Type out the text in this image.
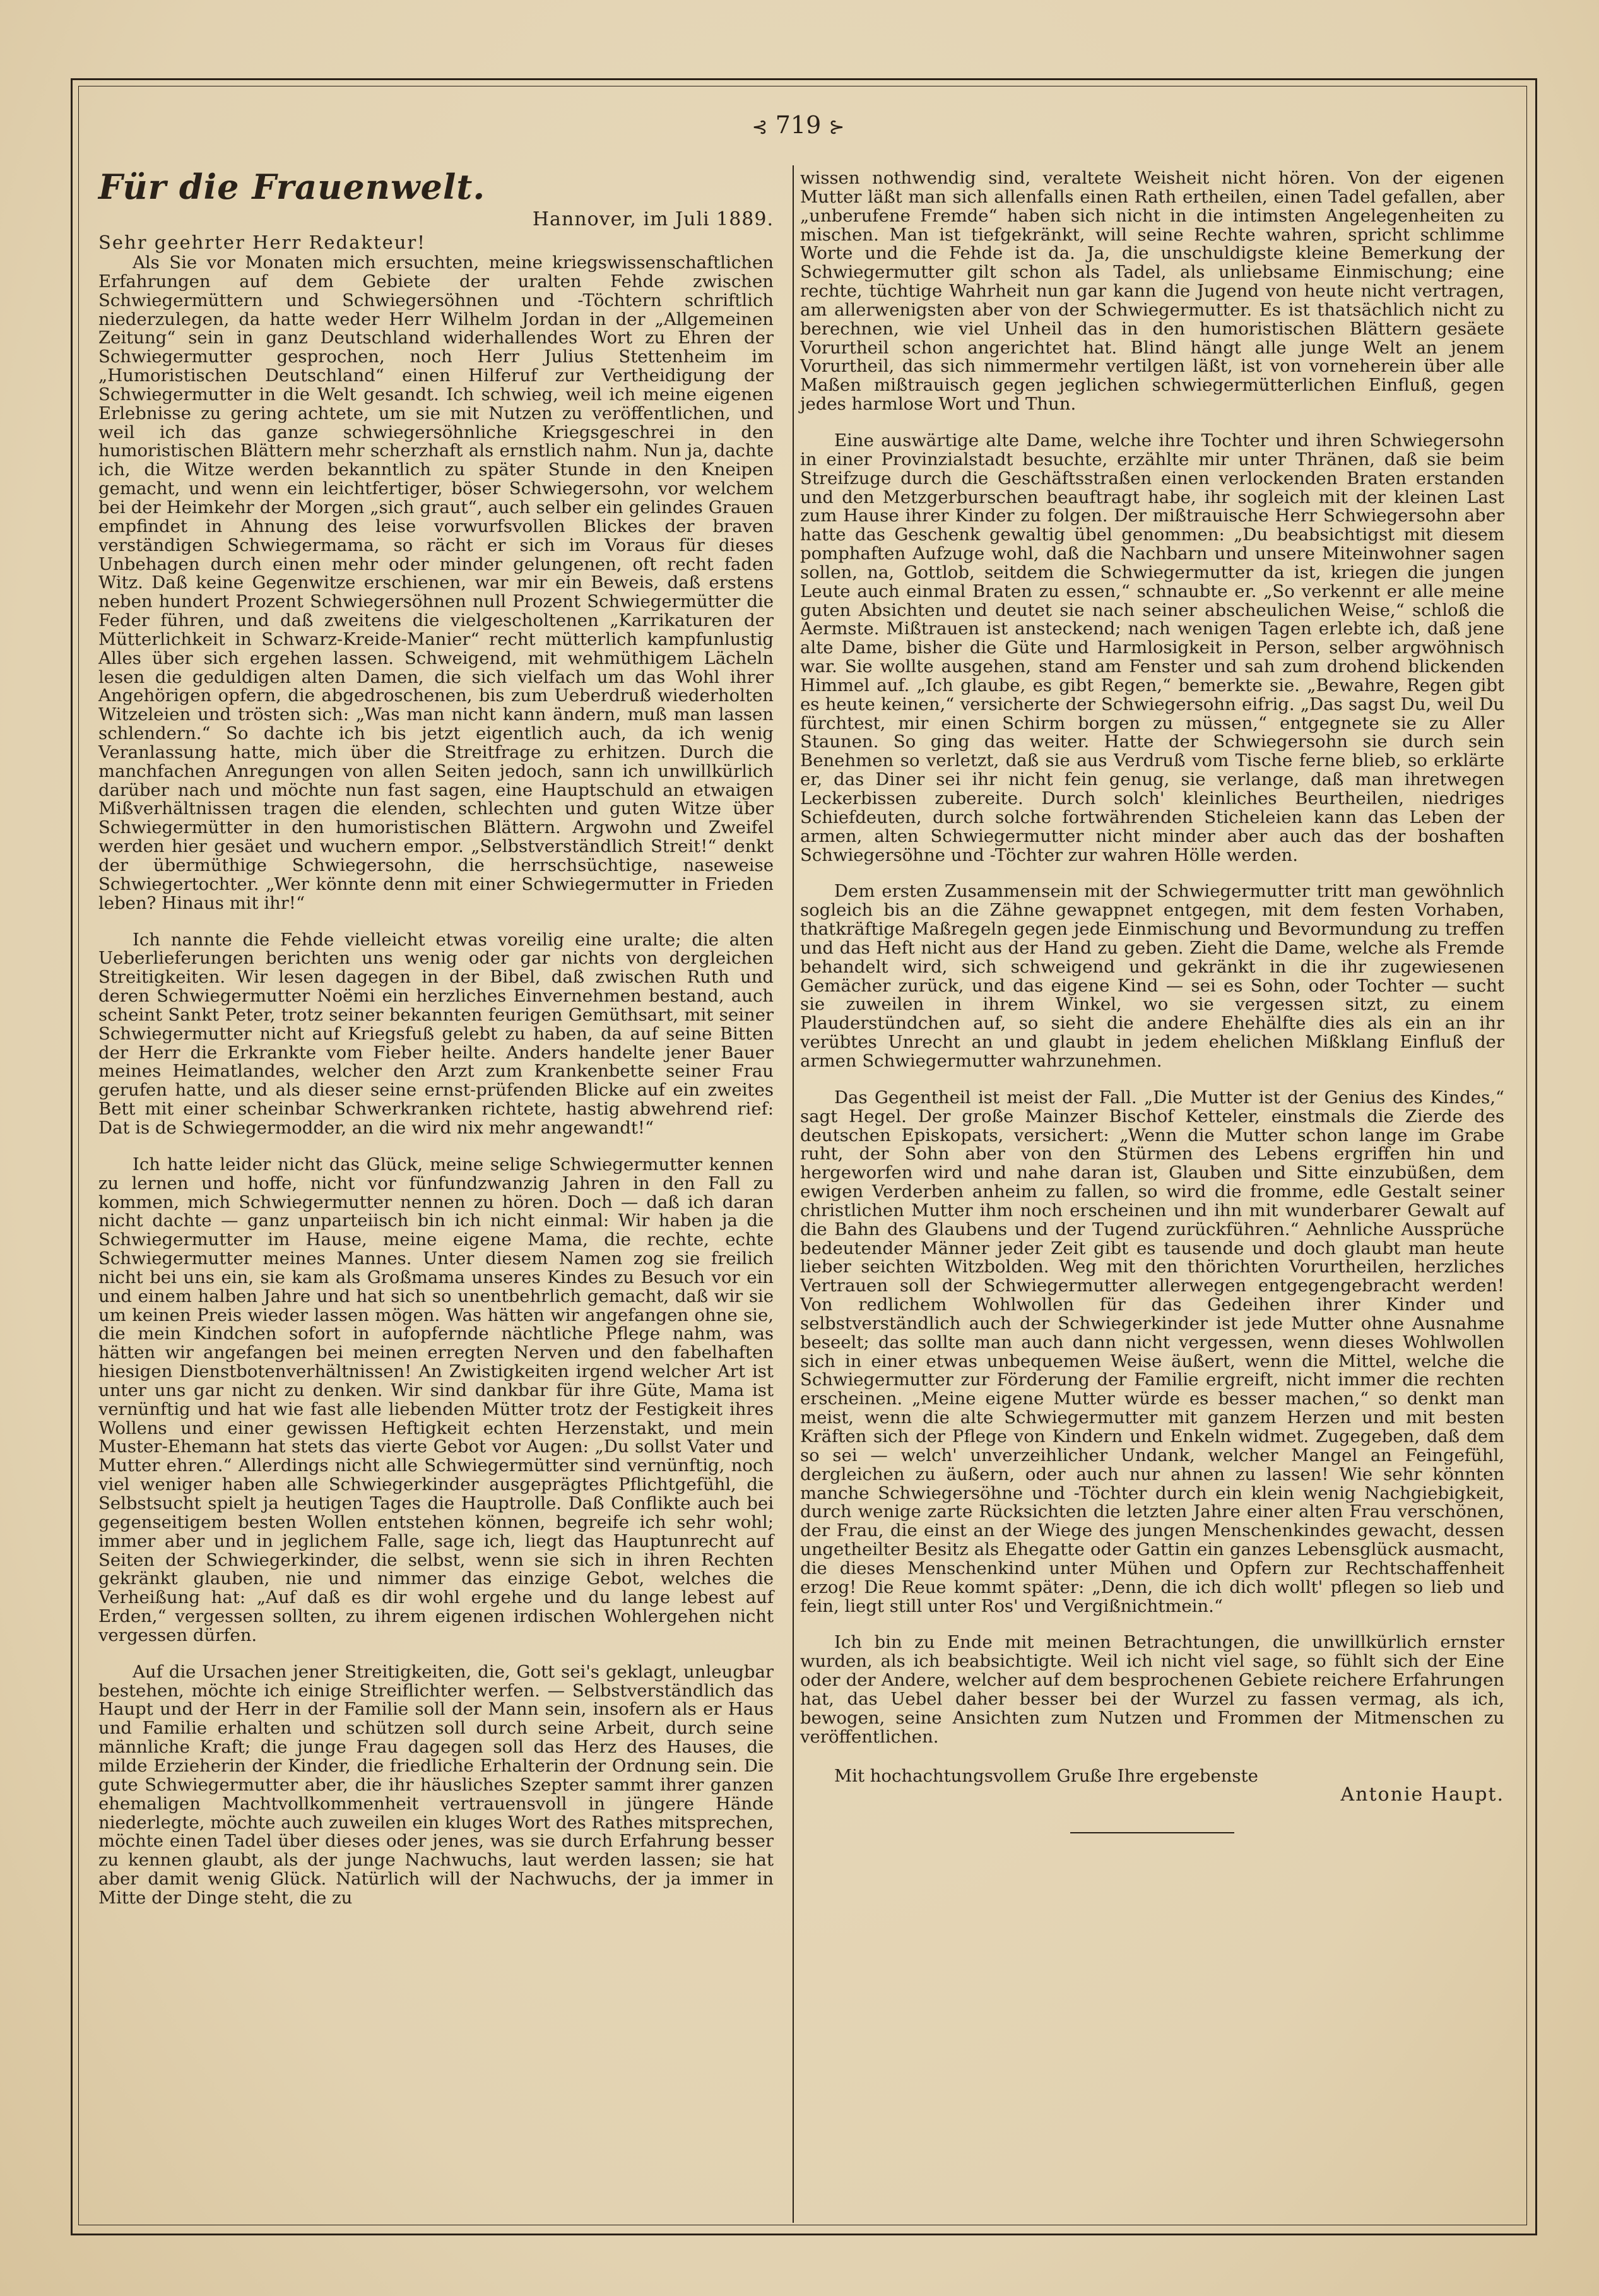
⊰ 719 ⊱

Für die Frauenwelt.

Hannover, im Juli 1889.

Sehr geehrter Herr Redakteur!

Als Sie vor Monaten mich ersuchten, meine kriegswissenschaftlichen Erfahrungen auf dem Gebiete der uralten Fehde zwischen Schwiegermüttern und Schwiegersöhnen und -Töchtern schriftlich niederzulegen, da hatte weder Herr Wilhelm Jordan in der „Allgemeinen Zeitung“ sein in ganz Deutschland widerhallendes Wort zu Ehren der Schwiegermutter gesprochen, noch Herr Julius Stettenheim im „Humoristischen Deutschland“ einen Hilferuf zur Vertheidigung der Schwiegermutter in die Welt gesandt. Ich schwieg, weil ich meine eigenen Erlebnisse zu gering achtete, um sie mit Nutzen zu veröffentlichen, und weil ich das ganze schwiegersöhnliche Kriegsgeschrei in den humoristischen Blättern mehr scherzhaft als ernstlich nahm. Nun ja, dachte ich, die Witze werden bekanntlich zu später Stunde in den Kneipen gemacht, und wenn ein leichtfertiger, böser Schwiegersohn, vor welchem bei der Heimkehr der Morgen „sich graut“, auch selber ein gelindes Grauen empfindet in Ahnung des leise vorwurfsvollen Blickes der braven verständigen Schwiegermama, so rächt er sich im Voraus für dieses Unbehagen durch einen mehr oder minder gelungenen, oft recht faden Witz. Daß keine Gegenwitze erschienen, war mir ein Beweis, daß erstens neben hundert Prozent Schwiegersöhnen null Prozent Schwiegermütter die Feder führen, und daß zweitens die vielgescholtenen „Karrikaturen der Mütterlichkeit in Schwarz-Kreide-Manier“ recht mütterlich kampfunlustig Alles über sich ergehen lassen. Schweigend, mit wehmüthigem Lächeln lesen die geduldigen alten Damen, die sich vielfach um das Wohl ihrer Angehörigen opfern, die abgedroschenen, bis zum Ueberdruß wiederholten Witzeleien und trösten sich: „Was man nicht kann ändern, muß man lassen schlendern.“ So dachte ich bis jetzt eigentlich auch, da ich wenig Veranlassung hatte, mich über die Streitfrage zu erhitzen. Durch die manchfachen Anregungen von allen Seiten jedoch, sann ich unwillkürlich darüber nach und möchte nun fast sagen, eine Hauptschuld an etwaigen Mißverhältnissen tragen die elenden, schlechten und guten Witze über Schwiegermütter in den humoristischen Blättern. Argwohn und Zweifel werden hier gesäet und wuchern empor. „Selbstverständlich Streit!“ denkt der übermüthige Schwiegersohn, die herrschsüchtige, naseweise Schwiegertochter. „Wer könnte denn mit einer Schwiegermutter in Frieden leben? Hinaus mit ihr!“

Ich nannte die Fehde vielleicht etwas voreilig eine uralte; die alten Ueberlieferungen berichten uns wenig oder gar nichts von dergleichen Streitigkeiten. Wir lesen dagegen in der Bibel, daß zwischen Ruth und deren Schwiegermutter Noëmi ein herzliches Einvernehmen bestand, auch scheint Sankt Peter, trotz seiner bekannten feurigen Gemüthsart, mit seiner Schwiegermutter nicht auf Kriegsfuß gelebt zu haben, da auf seine Bitten der Herr die Erkrankte vom Fieber heilte. Anders handelte jener Bauer meines Heimatlandes, welcher den Arzt zum Krankenbette seiner Frau gerufen hatte, und als dieser seine ernst-prüfenden Blicke auf ein zweites Bett mit einer scheinbar Schwerkranken richtete, hastig abwehrend rief: Dat is de Schwiegermodder, an die wird nix mehr angewandt!“

Ich hatte leider nicht das Glück, meine selige Schwiegermutter kennen zu lernen und hoffe, nicht vor fünfundzwanzig Jahren in den Fall zu kommen, mich Schwiegermutter nennen zu hören. Doch — daß ich daran nicht dachte — ganz unparteiisch bin ich nicht einmal: Wir haben ja die Schwiegermutter im Hause, meine eigene Mama, die rechte, echte Schwiegermutter meines Mannes. Unter diesem Namen zog sie freilich nicht bei uns ein, sie kam als Großmama unseres Kindes zu Besuch vor ein und einem halben Jahre und hat sich so unentbehrlich gemacht, daß wir sie um keinen Preis wieder lassen mögen. Was hätten wir angefangen ohne sie, die mein Kindchen sofort in aufopfernde nächtliche Pflege nahm, was hätten wir angefangen bei meinen erregten Nerven und den fabelhaften hiesigen Dienstbotenverhältnissen! An Zwistigkeiten irgend welcher Art ist unter uns gar nicht zu denken. Wir sind dankbar für ihre Güte, Mama ist vernünftig und hat wie fast alle liebenden Mütter trotz der Festigkeit ihres Wollens und einer gewissen Heftigkeit echten Herzenstakt, und mein Muster-Ehemann hat stets das vierte Gebot vor Augen: „Du sollst Vater und Mutter ehren.“ Allerdings nicht alle Schwiegermütter sind vernünftig, noch viel weniger haben alle Schwiegerkinder ausgeprägtes Pflichtgefühl, die Selbstsucht spielt ja heutigen Tages die Hauptrolle. Daß Conflikte auch bei gegenseitigem besten Wollen entstehen können, begreife ich sehr wohl; immer aber und in jeglichem Falle, sage ich, liegt das Hauptunrecht auf Seiten der Schwiegerkinder, die selbst, wenn sie sich in ihren Rechten gekränkt glauben, nie und nimmer das einzige Gebot, welches die Verheißung hat: „Auf daß es dir wohl ergehe und du lange lebest auf Erden,“ vergessen sollten, zu ihrem eigenen irdischen Wohlergehen nicht vergessen dürfen.

Auf die Ursachen jener Streitigkeiten, die, Gott sei's geklagt, unleugbar bestehen, möchte ich einige Streiflichter werfen. — Selbstverständlich das Haupt und der Herr in der Familie soll der Mann sein, insofern als er Haus und Familie erhalten und schützen soll durch seine Arbeit, durch seine männliche Kraft; die junge Frau dagegen soll das Herz des Hauses, die milde Erzieherin der Kinder, die friedliche Erhalterin der Ordnung sein. Die gute Schwiegermutter aber, die ihr häusliches Szepter sammt ihrer ganzen ehemaligen Machtvollkommenheit vertrauensvoll in jüngere Hände niederlegte, möchte auch zuweilen ein kluges Wort des Rathes mitsprechen, möchte einen Tadel über dieses oder jenes, was sie durch Erfahrung besser zu kennen glaubt, als der junge Nachwuchs, laut werden lassen; sie hat aber damit wenig Glück. Natürlich will der Nachwuchs, der ja immer in Mitte der Dinge steht, die zu

wissen nothwendig sind, veraltete Weisheit nicht hören. Von der eigenen Mutter läßt man sich allenfalls einen Rath ertheilen, einen Tadel gefallen, aber „unberufene Fremde“ haben sich nicht in die intimsten Angelegenheiten zu mischen. Man ist tiefgekränkt, will seine Rechte wahren, spricht schlimme Worte und die Fehde ist da. Ja, die unschuldigste kleine Bemerkung der Schwiegermutter gilt schon als Tadel, als unliebsame Einmischung; eine rechte, tüchtige Wahrheit nun gar kann die Jugend von heute nicht vertragen, am allerwenigsten aber von der Schwiegermutter. Es ist thatsächlich nicht zu berechnen, wie viel Unheil das in den humoristischen Blättern gesäete Vorurtheil schon angerichtet hat. Blind hängt alle junge Welt an jenem Vorurtheil, das sich nimmermehr vertilgen läßt, ist von vorneherein über alle Maßen mißtrauisch gegen jeglichen schwiegermütterlichen Einfluß, gegen jedes harmlose Wort und Thun.

Eine auswärtige alte Dame, welche ihre Tochter und ihren Schwiegersohn in einer Provinzialstadt besuchte, erzählte mir unter Thränen, daß sie beim Streifzuge durch die Geschäftsstraßen einen verlockenden Braten erstanden und den Metzgerburschen beauftragt habe, ihr sogleich mit der kleinen Last zum Hause ihrer Kinder zu folgen. Der mißtrauische Herr Schwiegersohn aber hatte das Geschenk gewaltig übel genommen: „Du beabsichtigst mit diesem pomphaften Aufzuge wohl, daß die Nachbarn und unsere Miteinwohner sagen sollen, na, Gottlob, seitdem die Schwiegermutter da ist, kriegen die jungen Leute auch einmal Braten zu essen,“ schnaubte er. „So verkennt er alle meine guten Absichten und deutet sie nach seiner abscheulichen Weise,“ schloß die Aermste. Mißtrauen ist ansteckend; nach wenigen Tagen erlebte ich, daß jene alte Dame, bisher die Güte und Harmlosigkeit in Person, selber argwöhnisch war. Sie wollte ausgehen, stand am Fenster und sah zum drohend blickenden Himmel auf. „Ich glaube, es gibt Regen,“ bemerkte sie. „Bewahre, Regen gibt es heute keinen,“ versicherte der Schwiegersohn eifrig. „Das sagst Du, weil Du fürchtest, mir einen Schirm borgen zu müssen,“ entgegnete sie zu Aller Staunen. So ging das weiter. Hatte der Schwiegersohn sie durch sein Benehmen so verletzt, daß sie aus Verdruß vom Tische ferne blieb, so erklärte er, das Diner sei ihr nicht fein genug, sie verlange, daß man ihretwegen Leckerbissen zubereite. Durch solch' kleinliches Beurtheilen, niedriges Schiefdeuten, durch solche fortwährenden Sticheleien kann das Leben der armen, alten Schwiegermutter nicht minder aber auch das der boshaften Schwiegersöhne und -Töchter zur wahren Hölle werden.

Dem ersten Zusammensein mit der Schwiegermutter tritt man gewöhnlich sogleich bis an die Zähne gewappnet entgegen, mit dem festen Vorhaben, thatkräftige Maßregeln gegen jede Einmischung und Bevormundung zu treffen und das Heft nicht aus der Hand zu geben. Zieht die Dame, welche als Fremde behandelt wird, sich schweigend und gekränkt in die ihr zugewiesenen Gemächer zurück, und das eigene Kind — sei es Sohn, oder Tochter — sucht sie zuweilen in ihrem Winkel, wo sie vergessen sitzt, zu einem Plauderstündchen auf, so sieht die andere Ehehälfte dies als ein an ihr verübtes Unrecht an und glaubt in jedem ehelichen Mißklang Einfluß der armen Schwiegermutter wahrzunehmen.

Das Gegentheil ist meist der Fall. „Die Mutter ist der Genius des Kindes,“ sagt Hegel. Der große Mainzer Bischof Ketteler, einstmals die Zierde des deutschen Episkopats, versichert: „Wenn die Mutter schon lange im Grabe ruht, der Sohn aber von den Stürmen des Lebens ergriffen hin und hergeworfen wird und nahe daran ist, Glauben und Sitte einzubüßen, dem ewigen Verderben anheim zu fallen, so wird die fromme, edle Gestalt seiner christlichen Mutter ihm noch erscheinen und ihn mit wunderbarer Gewalt auf die Bahn des Glaubens und der Tugend zurückführen.“ Aehnliche Aussprüche bedeutender Männer jeder Zeit gibt es tausende und doch glaubt man heute lieber seichten Witzbolden. Weg mit den thörichten Vorurtheilen, herzliches Vertrauen soll der Schwiegermutter allerwegen entgegengebracht werden! Von redlichem Wohlwollen für das Gedeihen ihrer Kinder und selbstverständlich auch der Schwiegerkinder ist jede Mutter ohne Ausnahme beseelt; das sollte man auch dann nicht vergessen, wenn dieses Wohlwollen sich in einer etwas unbequemen Weise äußert, wenn die Mittel, welche die Schwiegermutter zur Förderung der Familie ergreift, nicht immer die rechten erscheinen. „Meine eigene Mutter würde es besser machen,“ so denkt man meist, wenn die alte Schwiegermutter mit ganzem Herzen und mit besten Kräften sich der Pflege von Kindern und Enkeln widmet. Zugegeben, daß dem so sei — welch' unverzeihlicher Undank, welcher Mangel an Feingefühl, dergleichen zu äußern, oder auch nur ahnen zu lassen! Wie sehr könnten manche Schwiegersöhne und -Töchter durch ein klein wenig Nachgiebigkeit, durch wenige zarte Rücksichten die letzten Jahre einer alten Frau verschönen, der Frau, die einst an der Wiege des jungen Menschenkindes gewacht, dessen ungetheilter Besitz als Ehegatte oder Gattin ein ganzes Lebensglück ausmacht, die dieses Menschenkind unter Mühen und Opfern zur Rechtschaffenheit erzog! Die Reue kommt später: „Denn, die ich dich wollt' pflegen so lieb und fein, liegt still unter Ros' und Vergißnichtmein.“

Ich bin zu Ende mit meinen Betrachtungen, die unwillkürlich ernster wurden, als ich beabsichtigte. Weil ich nicht viel sage, so fühlt sich der Eine oder der Andere, welcher auf dem besprochenen Gebiete reichere Erfahrungen hat, das Uebel daher besser bei der Wurzel zu fassen vermag, als ich, bewogen, seine Ansichten zum Nutzen und Frommen der Mitmenschen zu veröffentlichen.

Mit hochachtungsvollem Gruße Ihre ergebenste

Antonie Haupt.
